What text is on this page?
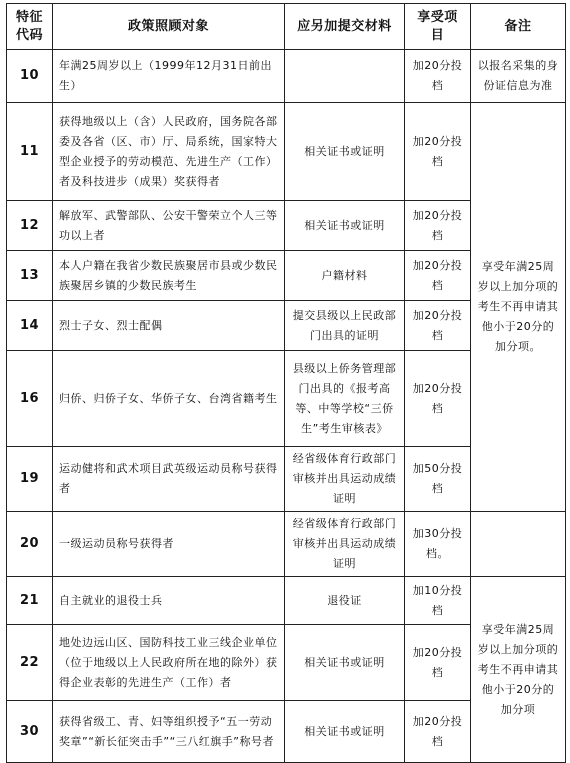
特征代码	政策照顾对象	应另加提交材料	享受项目	备注
10	年满25周岁以上（1999年12月31日前出生）		加20分投档	以报名采集的身份证信息为准
11	获得地级以上（含）人民政府，国务院各部委及各省（区、市）厅、局系统，国家特大型企业授予的劳动模范、先进生产（工作）者及科技进步（成果）奖获得者	相关证书或证明	加20分投档	享受年满25周岁以上加分项的考生不再申请其他小于20分的加分项。
12	解放军、武警部队、公安干警荣立个人三等功以上者	相关证书或证明	加20分投档	
13	本人户籍在我省少数民族聚居市县或少数民族聚居乡镇的少数民族考生	户籍材料	加20分投档	
14	烈士子女、烈士配偶	提交县级以上民政部门出具的证明	加20分投档	
16	归侨、归侨子女、华侨子女、台湾省籍考生	县级以上侨务管理部门出具的《报考高等、中等学校“三侨生”考生审核表》	加20分投档	
19	运动健将和武术项目武英级运动员称号获得者	经省级体育行政部门审核并出具运动成绩证明	加50分投档	
20	一级运动员称号获得者	经省级体育行政部门审核并出具运动成绩证明	加30分投档。	
21	自主就业的退役士兵	退役证	加10分投档	享受年满25周岁以上加分项的考生不再申请其他小于20分的加分项
22	地处边远山区、国防科技工业三线企业单位（位于地级以上人民政府所在地的除外）获得企业表彰的先进生产（工作）者	相关证书或证明	加20分投档	
30	获得省级工、青、妇等组织授予“五一劳动奖章”“新长征突击手”“三八红旗手”称号者	相关证书或证明	加20分投档	
